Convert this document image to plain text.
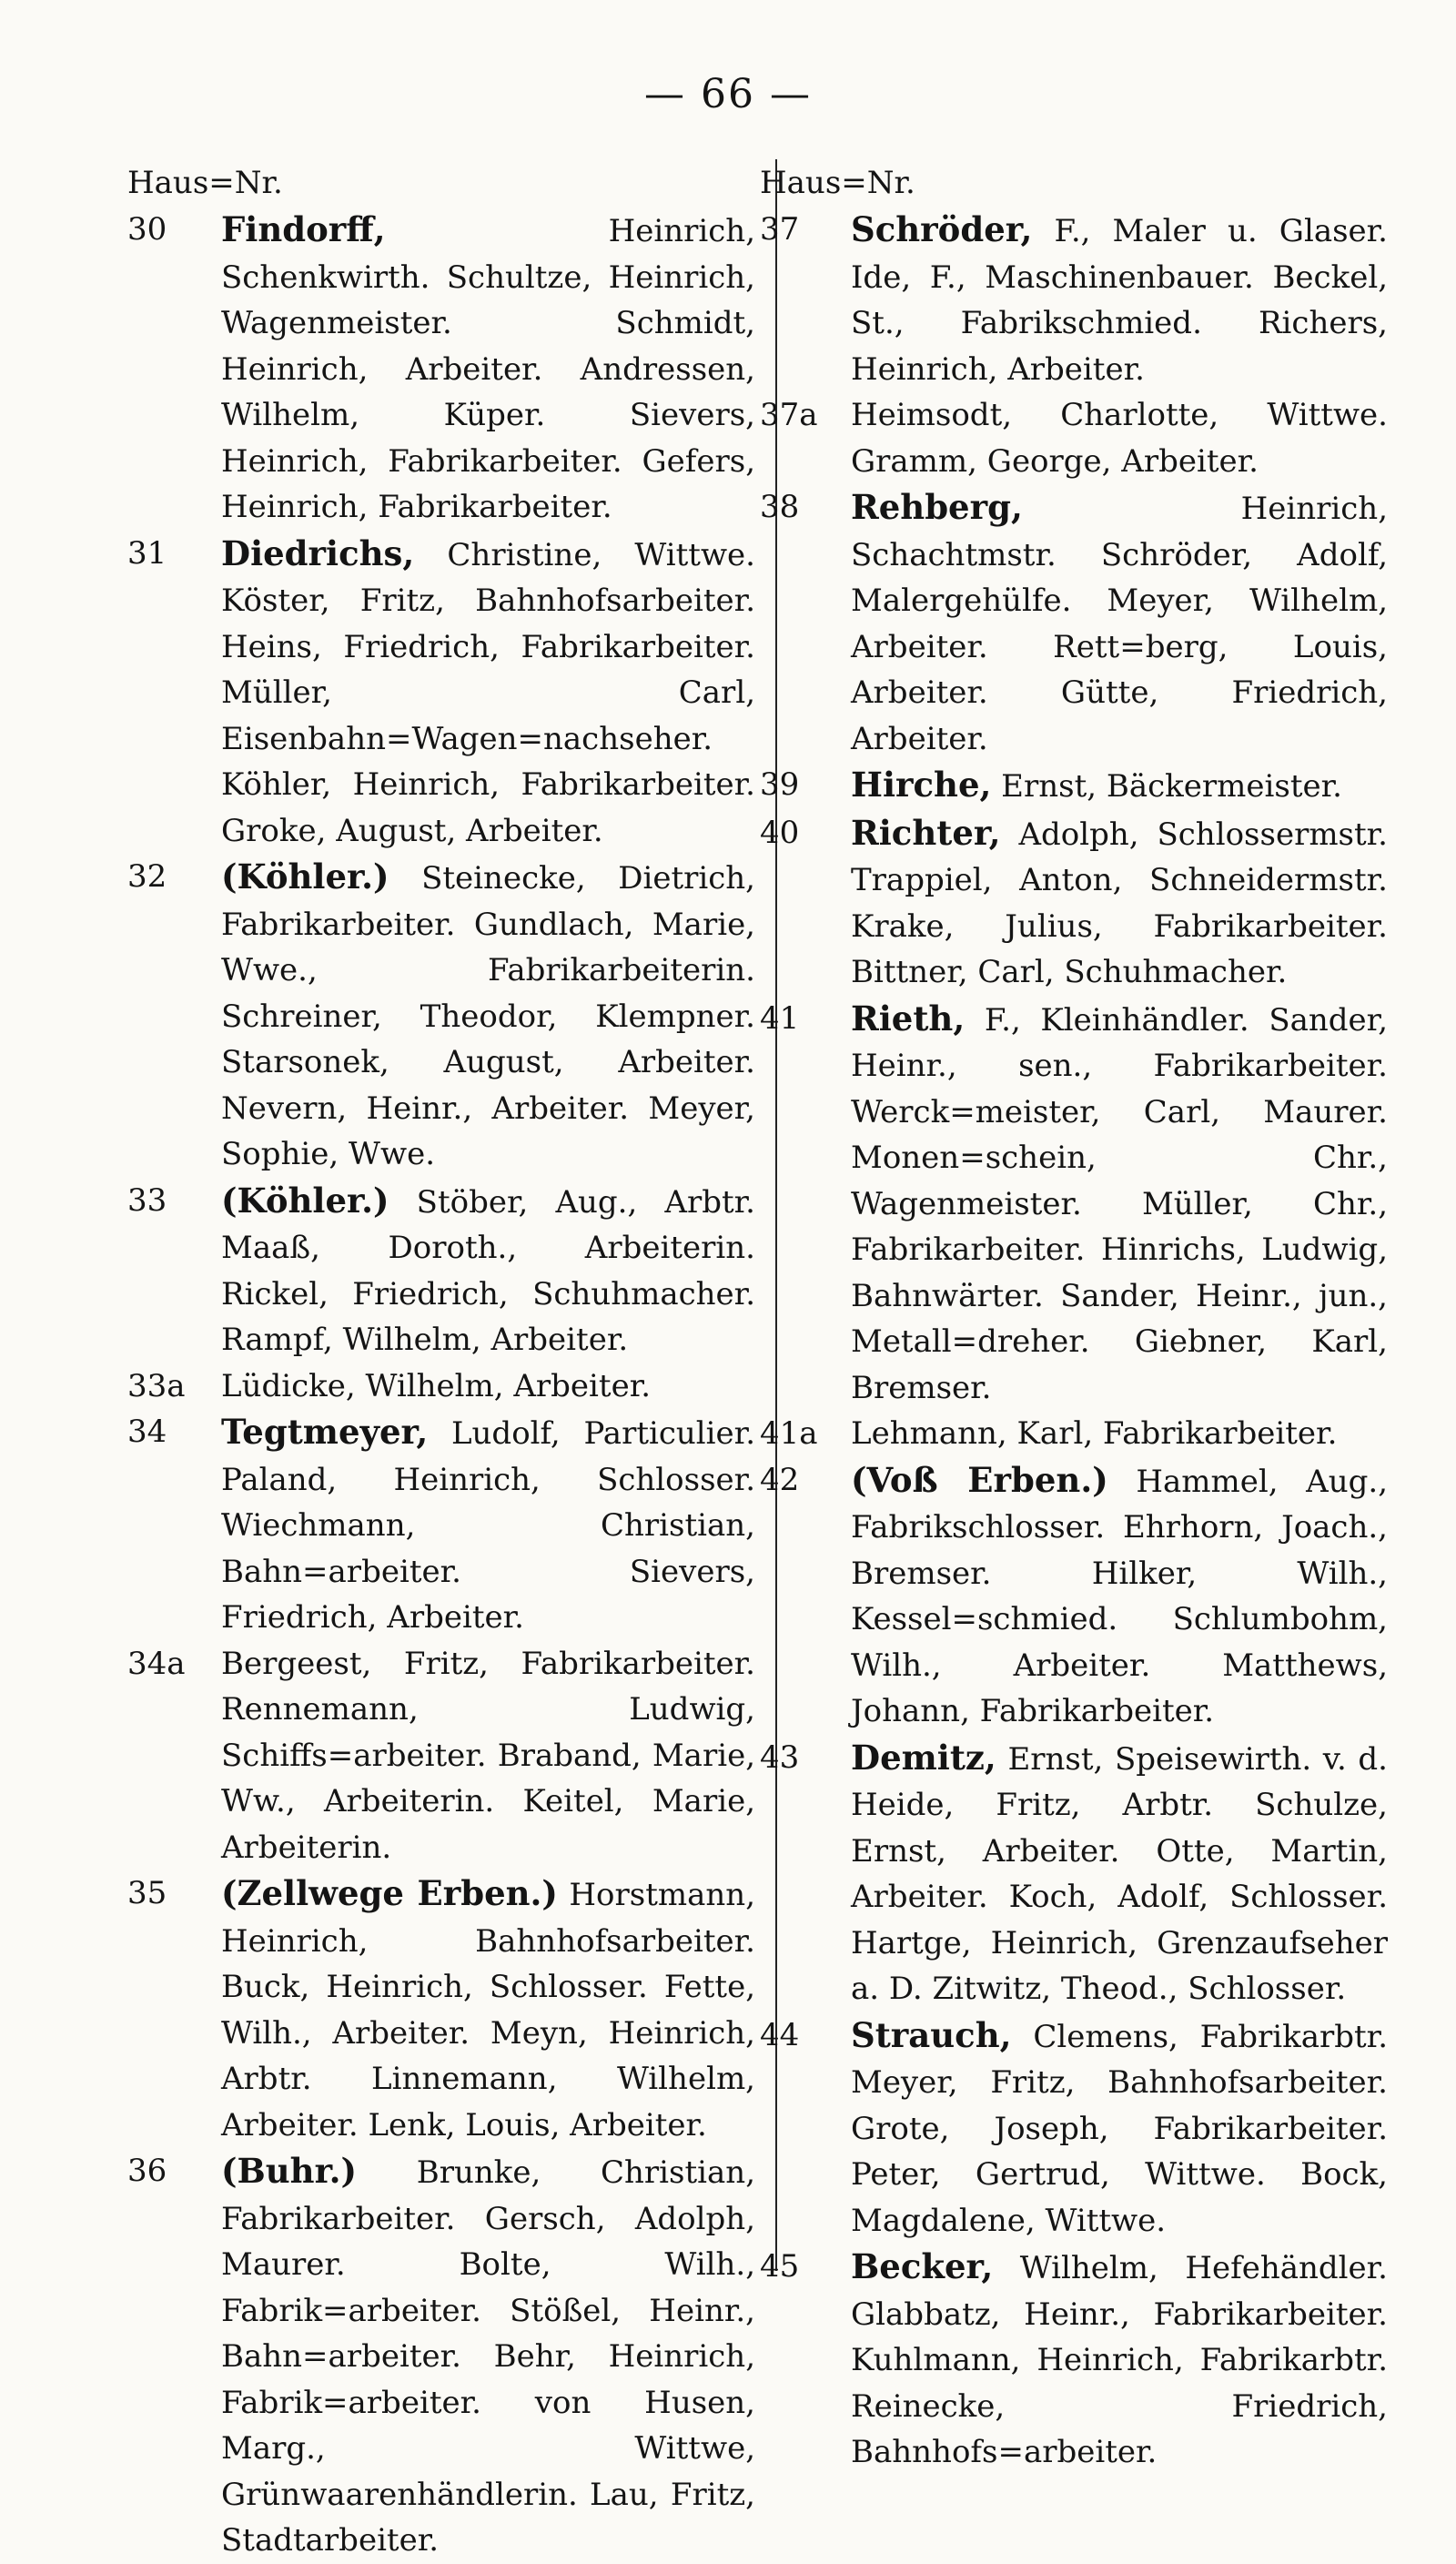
— 66 —
Haus=Nr.
30	Findorff,	Heinrich, Schenkwirth. Schultze, Heinrich, Wagenmeister. Schmidt, Heinrich, Arbeiter. Andressen, Wilhelm, Küper. Sievers, Heinrich, Fabrikarbeiter. Gefers, Heinrich, Fabrikarbeiter.
31	Diedrichs, Christine, Wittwe. Köster, Fritz, Bahnhofsarbeiter. Heins, Friedrich, Fabrikarbeiter. Müller, Carl, Eisenbahn=Wagen=nachseher. Köhler, Heinrich, Fabrikarbeiter. Groke, August, Arbeiter.
32	(Köhler.) Steinecke, Dietrich, Fabrikarbeiter. Gundlach, Marie, Wwe., Fabrikarbeiterin. Schreiner, Theodor, Klempner. Starsonek, August, Arbeiter. Nevern, Heinr., Arbeiter. Meyer, Sophie, Wwe.
33	(Köhler.) Stöber, Aug., Arbtr. Maaß, Doroth., Arbeiterin. Rickel, Friedrich, Schuhmacher. Rampf, Wilhelm, Arbeiter.
33a	Lüdicke, Wilhelm, Arbeiter.
34	Tegtmeyer, Ludolf, Particulier. Paland, Heinrich, Schlosser. Wiechmann, Christian, Bahn=arbeiter. Sievers, Friedrich, Arbeiter.
34a	Bergeest, Fritz, Fabrikarbeiter. Rennemann, Ludwig, Schiffs=arbeiter. Braband, Marie, Ww., Arbeiterin. Keitel, Marie, Arbeiterin.
35	(Zellwege Erben.) Horstmann, Heinrich, Bahnhofsarbeiter. Buck, Heinrich, Schlosser. Fette, Wilh., Arbeiter. Meyn, Heinrich, Arbtr. Linnemann, Wilhelm, Arbeiter. Lenk, Louis, Arbeiter.
36	(Buhr.) Brunke, Christian, Fabrikarbeiter. Gersch, Adolph, Maurer. Bolte, Wilh., Fabrik=arbeiter. Stößel, Heinr., Bahn=arbeiter. Behr, Heinrich, Fabrik=arbeiter. von Husen, Marg., Wittwe, Grünwaarenhändlerin. Lau, Fritz, Stadtarbeiter.
Haus=Nr.
37	Schröder, F., Maler u. Glaser. Ide, F., Maschinenbauer. Beckel, St., Fabrikschmied. Richers, Heinrich, Arbeiter.
37a	Heimsodt, Charlotte, Wittwe. Gramm, George, Arbeiter.
38	Rehberg,	Heinrich, Schachtmstr. Schröder, Adolf, Malergehülfe. Meyer, Wilhelm, Arbeiter. Rett=berg, Louis, Arbeiter. Gütte, Friedrich, Arbeiter.
39	Hirche, Ernst, Bäckermeister.
40	Richter, Adolph, Schlossermstr. Trappiel, Anton, Schneidermstr. Krake, Julius, Fabrikarbeiter. Bittner, Carl, Schuhmacher.
41	Rieth, F., Kleinhändler. Sander, Heinr., sen., Fabrikarbeiter. Werck=meister, Carl, Maurer. Monen=schein, Chr., Wagenmeister. Müller, Chr., Fabrikarbeiter. Hinrichs, Ludwig, Bahnwärter. Sander, Heinr., jun., Metall=dreher. Giebner, Karl, Bremser.
41a	Lehmann, Karl, Fabrikarbeiter.
42	(Voß Erben.) Hammel, Aug., Fabrikschlosser. Ehrhorn, Joach., Bremser. Hilker, Wilh., Kessel=schmied. Schlumbohm, Wilh., Arbeiter. Matthews, Johann, Fabrikarbeiter.
43	Demitz, Ernst, Speisewirth. v. d. Heide, Fritz, Arbtr. Schulze, Ernst, Arbeiter. Otte, Martin, Arbeiter. Koch, Adolf, Schlosser. Hartge, Heinrich, Grenzaufseher a. D. Zitwitz, Theod., Schlosser.
44	Strauch, Clemens, Fabrikarbtr. Meyer, Fritz, Bahnhofsarbeiter. Grote, Joseph, Fabrikarbeiter. Peter, Gertrud, Wittwe. Bock, Magdalene, Wittwe.
45	Becker, Wilhelm, Hefehändler. Glabbatz, Heinr., Fabrikarbeiter. Kuhlmann, Heinrich, Fabrikarbtr. Reinecke, Friedrich, Bahnhofs=arbeiter.
